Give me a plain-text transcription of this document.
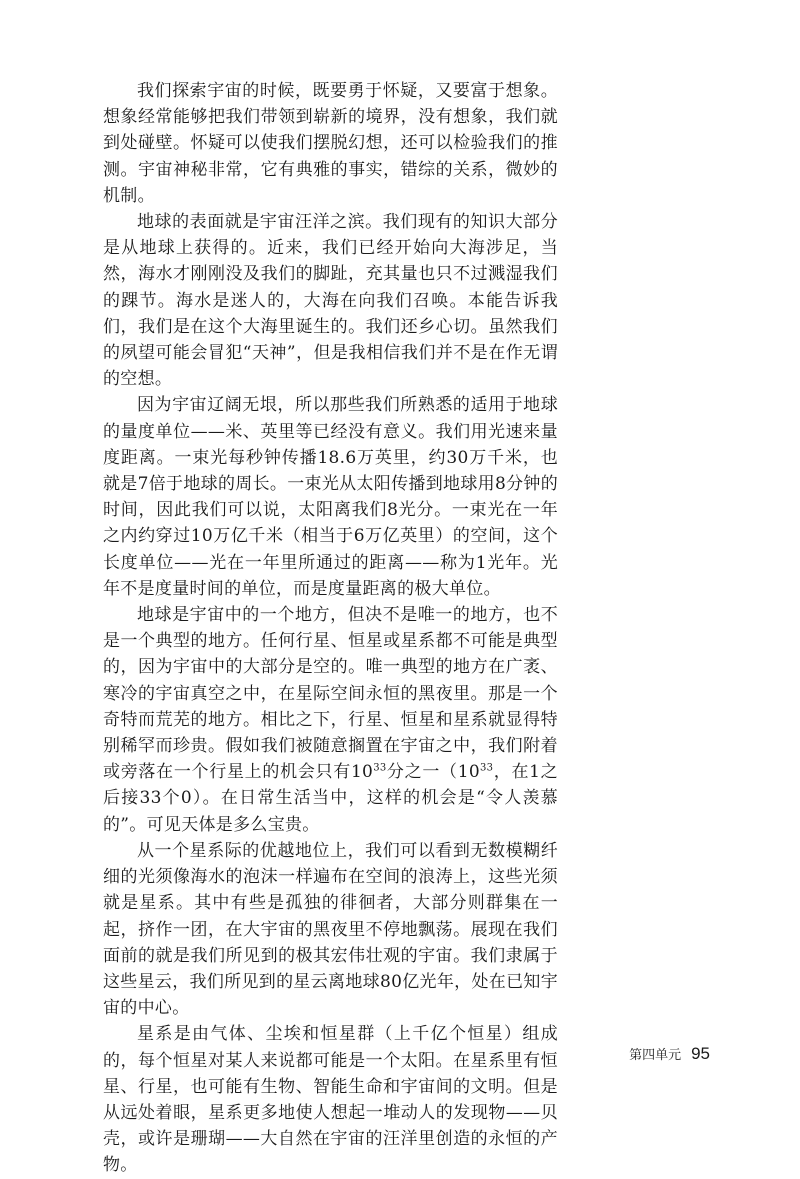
我们探索宇宙的时候，既要勇于怀疑，又要富于想象。想象经常能够把我们带领到崭新的境界，没有想象，我们就到处碰壁。怀疑可以使我们摆脱幻想，还可以检验我们的推测。宇宙神秘非常，它有典雅的事实，错综的关系，微妙的机制。

地球的表面就是宇宙汪洋之滨。我们现有的知识大部分是从地球上获得的。近来，我们已经开始向大海涉足，当然，海水才刚刚没及我们的脚趾，充其量也只不过溅湿我们的踝节。海水是迷人的，大海在向我们召唤。本能告诉我们，我们是在这个大海里诞生的。我们还乡心切。虽然我们的夙望可能会冒犯“天神”，但是我相信我们并不是在作无谓的空想。

因为宇宙辽阔无垠，所以那些我们所熟悉的适用于地球的量度单位——米、英里等已经没有意义。我们用光速来量度距离。一束光每秒钟传播18.6万英里，约30万千米，也就是7倍于地球的周长。一束光从太阳传播到地球用8分钟的时间，因此我们可以说，太阳离我们8光分。一束光在一年之内约穿过10万亿千米（相当于6万亿英里）的空间，这个长度单位——光在一年里所通过的距离——称为1光年。光年不是度量时间的单位，而是度量距离的极大单位。

地球是宇宙中的一个地方，但决不是唯一的地方，也不是一个典型的地方。任何行星、恒星或星系都不可能是典型的，因为宇宙中的大部分是空的。唯一典型的地方在广袤、寒冷的宇宙真空之中，在星际空间永恒的黑夜里。那是一个奇特而荒芜的地方。相比之下，行星、恒星和星系就显得特别稀罕而珍贵。假如我们被随意搁置在宇宙之中，我们附着或旁落在一个行星上的机会只有$10^{33}$分之一（$10^{33}$，在1之后接33个0）。在日常生活当中，这样的机会是“令人羡慕的”。可见天体是多么宝贵。

从一个星系际的优越地位上，我们可以看到无数模糊纤细的光须像海水的泡沫一样遍布在空间的浪涛上，这些光须就是星系。其中有些是孤独的徘徊者，大部分则群集在一起，挤作一团，在大宇宙的黑夜里不停地飘荡。展现在我们面前的就是我们所见到的极其宏伟壮观的宇宙。我们隶属于这些星云，我们所见到的星云离地球80亿光年，处在已知宇宙的中心。

星系是由气体、尘埃和恒星群（上千亿个恒星）组成的，每个恒星对某人来说都可能是一个太阳。在星系里有恒星、行星，也可能有生物、智能生命和宇宙间的文明。但是从远处着眼，星系更多地使人想起一堆动人的发现物——贝壳，或许是珊瑚——大自然在宇宙的汪洋里创造的永恒的产物。

第四单元 95
